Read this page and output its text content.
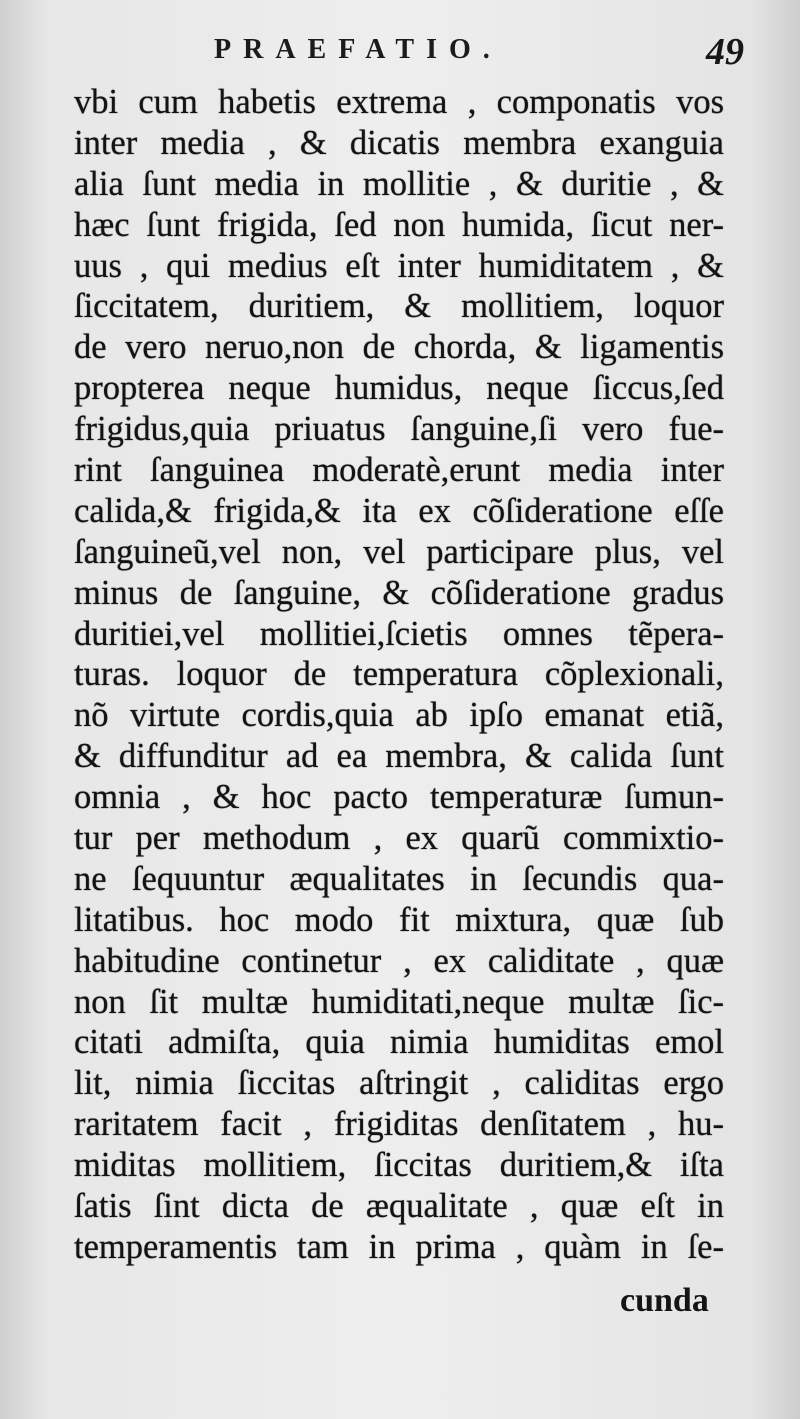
PRAEFATIO.	49
vbi cum habetis extrema , componatis vos
inter media , & dicatis membra exanguia
alia ſunt media in mollitie , & duritie , &
hæc ſunt frigida, ſed non humida, ſicut ner-
uus , qui medius eſt inter humiditatem , &
ſiccitatem, duritiem, & mollitiem, loquor
de vero neruo,non de chorda, & ligamentis
propterea neque humidus, neque ſiccus,ſed
frigidus,quia priuatus ſanguine,ſi vero fue-
rint ſanguinea moderatè,erunt media inter
calida,& frigida,& ita ex cõſideratione eſſe
ſanguineũ,vel non, vel participare plus, vel
minus de ſanguine, & cõſideratione gradus
duritiei,vel mollitiei,ſcietis omnes tẽpera-
turas. loquor de temperatura cõplexionali,
nõ virtute cordis,quia ab ipſo emanat etiã,
& diffunditur ad ea membra, & calida ſunt
omnia , & hoc pacto temperaturæ ſumun-
tur per methodum , ex quarũ commixtio-
ne ſequuntur æqualitates in ſecundis qua-
litatibus. hoc modo fit mixtura, quæ ſub
habitudine continetur , ex caliditate , quæ
non ſit multæ humiditati,neque multæ ſic-
citati admiſta, quia nimia humiditas emol
lit, nimia ſiccitas aſtringit , caliditas ergo
raritatem facit , frigiditas denſitatem , hu-
miditas mollitiem, ſiccitas duritiem,& iſta
ſatis ſint dicta de æqualitate , quæ eſt in
temperamentis tam in prima , quàm in ſe-
cunda
